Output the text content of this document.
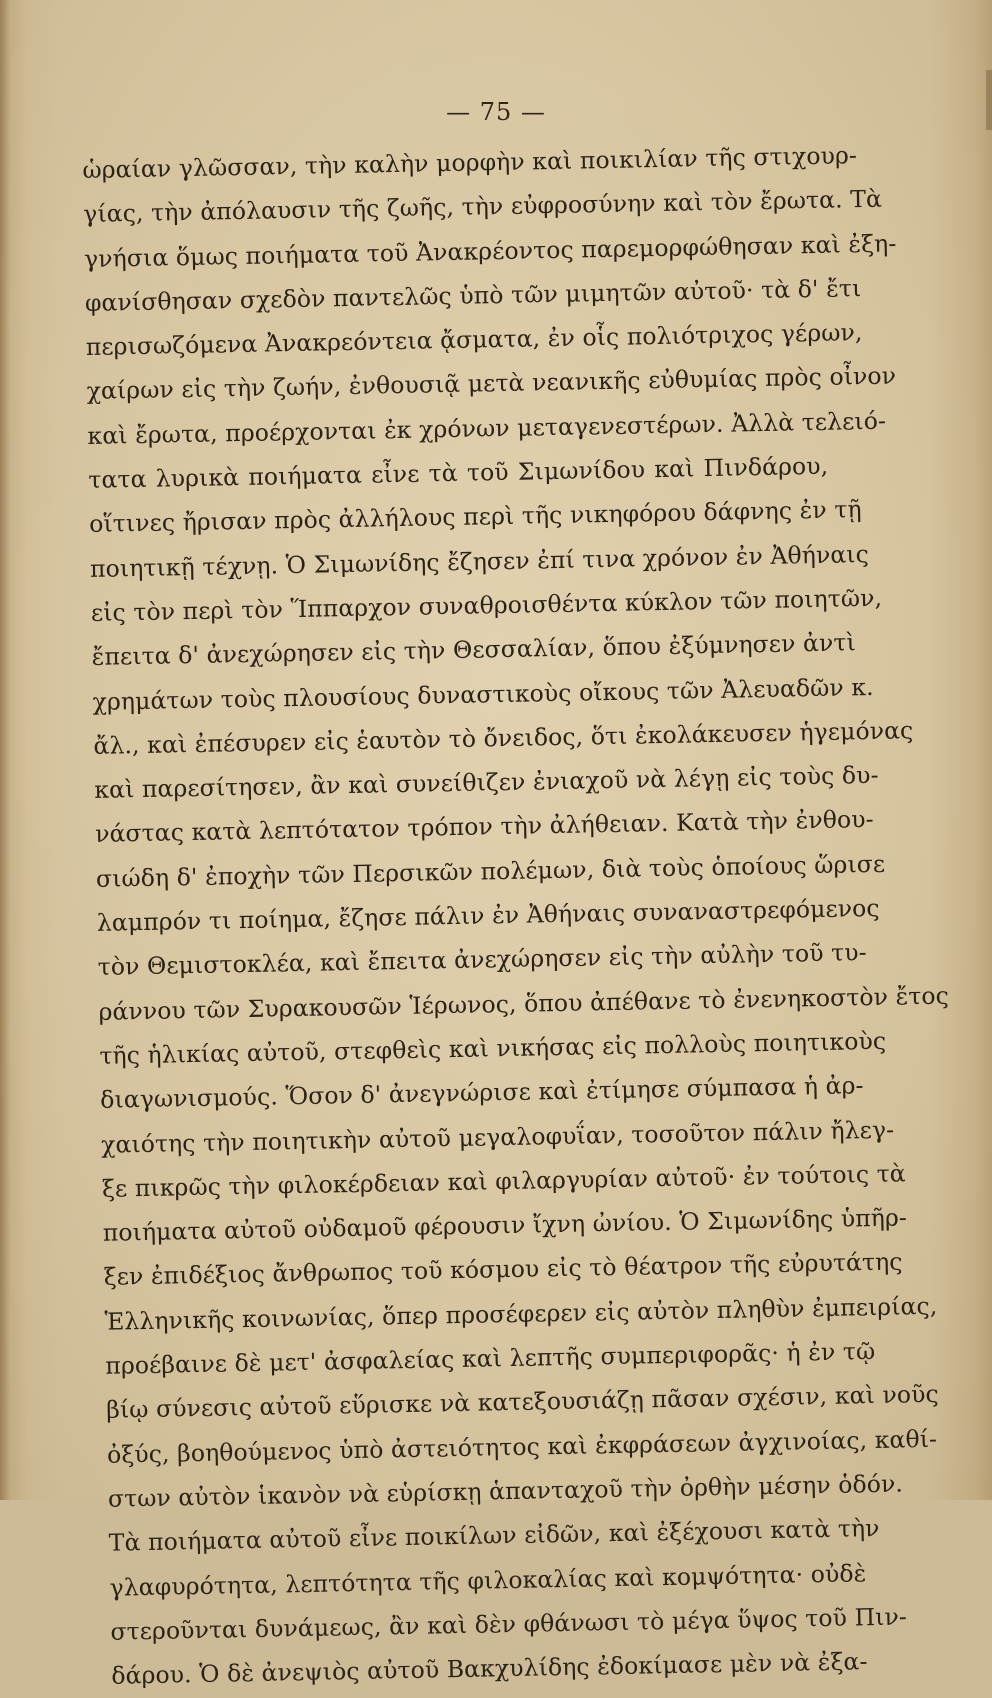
— 75 —
ὡραίαν γλῶσσαν, τὴν καλὴν μορφὴν καὶ ποικιλίαν τῆς στιχουρ-
γίας, τὴν ἀπόλαυσιν τῆς ζωῆς, τὴν εὐφροσύνην καὶ τὸν ἔρωτα. Τὰ
γνήσια ὅμως ποιήματα τοῦ Ἀνακρέοντος παρεμορφώθησαν καὶ ἐξη-
φανίσθησαν σχεδὸν παντελῶς ὑπὸ τῶν μιμητῶν αὐτοῦ· τὰ δ' ἔτι
περισωζόμενα Ἀνακρεόντεια ᾄσματα, ἐν οἷς πολιότριχος γέρων,
χαίρων εἰς τὴν ζωήν, ἐνθουσιᾷ μετὰ νεανικῆς εὐθυμίας πρὸς οἶνον
καὶ ἔρωτα, προέρχονται ἐκ χρόνων μεταγενεστέρων. Ἀλλὰ τελειό-
τατα λυρικὰ ποιήματα εἶνε τὰ τοῦ Σιμωνίδου καὶ Πινδάρου,
οἵτινες ἤρισαν πρὸς ἀλλήλους περὶ τῆς νικηφόρου δάφνης ἐν τῇ
ποιητικῇ τέχνῃ. Ὁ Σιμωνίδης ἔζησεν ἐπί τινα χρόνον ἐν Ἀθήναις
εἰς τὸν περὶ τὸν Ἵππαρχον συναθροισθέντα κύκλον τῶν ποιητῶν,
ἔπειτα δ' ἀνεχώρησεν εἰς τὴν Θεσσαλίαν, ὅπου ἐξύμνησεν ἀντὶ
χρημάτων τοὺς πλουσίους δυναστικοὺς οἴκους τῶν Ἀλευαδῶν κ.
ἄλ., καὶ ἐπέσυρεν εἰς ἑαυτὸν τὸ ὄνειδος, ὅτι ἐκολάκευσεν ἡγεμόνας
καὶ παρεσίτησεν, ἂν καὶ συνείθιζεν ἐνιαχοῦ νὰ λέγῃ εἰς τοὺς δυ-
νάστας κατὰ λεπτότατον τρόπον τὴν ἀλήθειαν. Κατὰ τὴν ἐνθου-
σιώδη δ' ἐποχὴν τῶν Περσικῶν πολέμων, διὰ τοὺς ὁποίους ὥρισε
λαμπρόν τι ποίημα, ἔζησε πάλιν ἐν Ἀθήναις συναναστρεφόμενος
τὸν Θεμιστοκλέα, καὶ ἔπειτα ἀνεχώρησεν εἰς τὴν αὐλὴν τοῦ τυ-
ράννου τῶν Συρακουσῶν Ἱέρωνος, ὅπου ἀπέθανε τὸ ἐνενηκοστὸν ἔτος
τῆς ἡλικίας αὐτοῦ, στεφθεὶς καὶ νικήσας εἰς πολλοὺς ποιητικοὺς
διαγωνισμούς. Ὅσον δ' ἀνεγνώρισε καὶ ἐτίμησε σύμπασα ἡ ἀρ-
χαιότης τὴν ποιητικὴν αὐτοῦ μεγαλοφυΐαν, τοσοῦτον πάλιν ἤλεγ-
ξε πικρῶς τὴν φιλοκέρδειαν καὶ φιλαργυρίαν αὐτοῦ· ἐν τούτοις τὰ
ποιήματα αὐτοῦ οὐδαμοῦ φέρουσιν ἴχνη ὠνίου. Ὁ Σιμωνίδης ὑπῆρ-
ξεν ἐπιδέξιος ἄνθρωπος τοῦ κόσμου εἰς τὸ θέατρον τῆς εὐρυτάτης
Ἑλληνικῆς κοινωνίας, ὅπερ προσέφερεν εἰς αὐτὸν πληθὺν ἐμπειρίας,
προέβαινε δὲ μετ' ἀσφαλείας καὶ λεπτῆς συμπεριφορᾶς· ἡ ἐν τῷ
βίῳ σύνεσις αὐτοῦ εὕρισκε νὰ κατεξουσιάζῃ πᾶσαν σχέσιν, καὶ νοῦς
ὀξύς, βοηθούμενος ὑπὸ ἀστειότητος καὶ ἐκφράσεων ἀγχινοίας, καθί-
στων αὐτὸν ἱκανὸν νὰ εὑρίσκῃ ἁπανταχοῦ τὴν ὀρθὴν μέσην ὁδόν.
Τὰ ποιήματα αὐτοῦ εἶνε ποικίλων εἰδῶν, καὶ ἐξέχουσι κατὰ τὴν
γλαφυρότητα, λεπτότητα τῆς φιλοκαλίας καὶ κομψότητα· οὐδὲ
στεροῦνται δυνάμεως, ἂν καὶ δὲν φθάνωσι τὸ μέγα ὕψος τοῦ Πιν-
δάρου. Ὁ δὲ ἀνεψιὸς αὐτοῦ Βακχυλίδης ἐδοκίμασε μὲν νὰ ἐξα-
